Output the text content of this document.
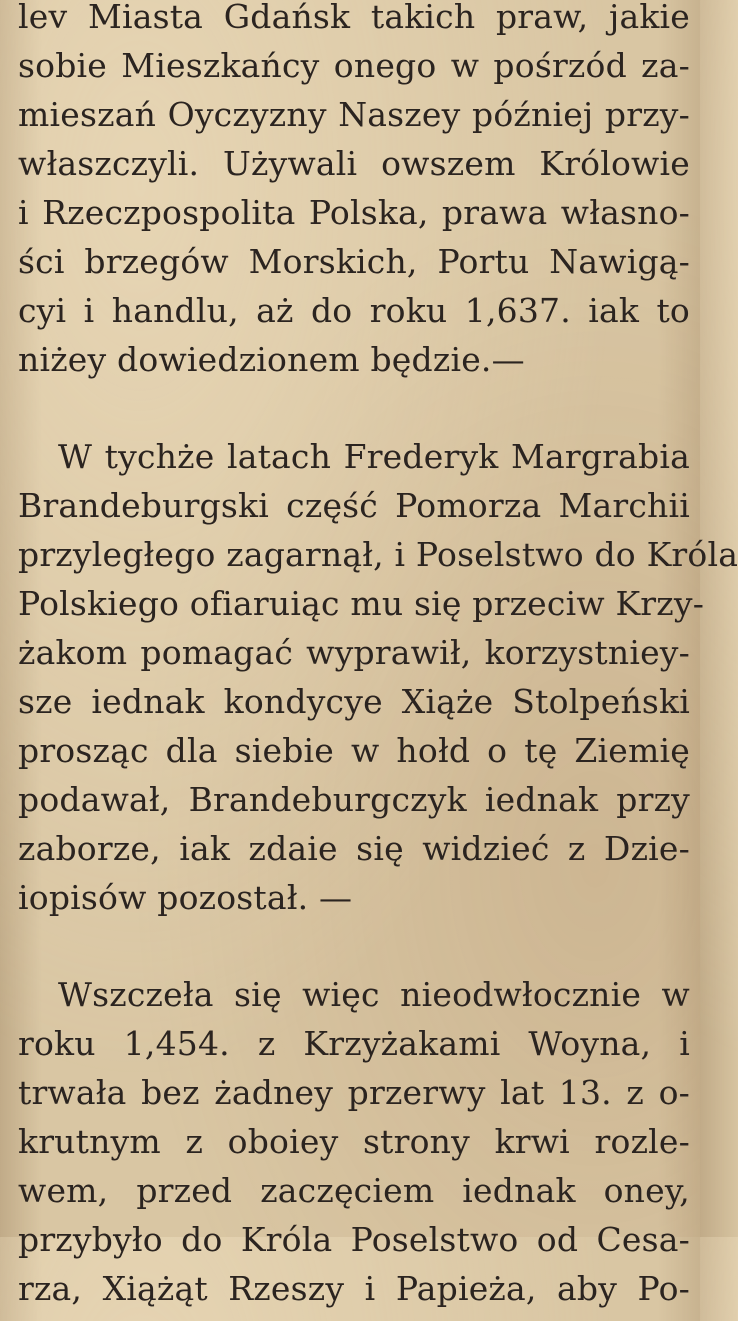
lev Miasta Gdańsk takich praw, jakie
sobie Mieszkańcy onego w pośrzód za-
mieszań Oyczyzny Naszey później przy-
właszczyli. Używali owszem Królowie
i Rzeczpospolita Polska, prawa własno-
ści brzegów Morskich, Portu Nawigą-
cyi i handlu, aż do roku 1,637. iak to
niżey dowiedzionem będzie.—
W tychże latach Frederyk Margrabia
Brandeburgski część Pomorza Marchii
przyległego zagarnął, i Poselstwo do Króla
Polskiego ofiaruiąc mu się przeciw Krzy-
żakom pomagać wyprawił, korzystniey-
sze iednak kondycye Xiąże Stolpeński
prosząc dla siebie w hołd o tę Ziemię
podawał, Brandeburgczyk iednak przy
zaborze, iak zdaie się widzieć z Dzie-
iopisów pozostał. —
Wszczeła się więc nieodwłocznie w
roku 1,454. z Krzyżakami Woyna, i
trwała bez żadney przerwy lat 13. z o-
krutnym z oboiey strony krwi rozle-
wem, przed zaczęciem iednak oney,
przybyło do Króla Poselstwo od Cesa-
rza, Xiążąt Rzeszy i Papieża, aby Po-
